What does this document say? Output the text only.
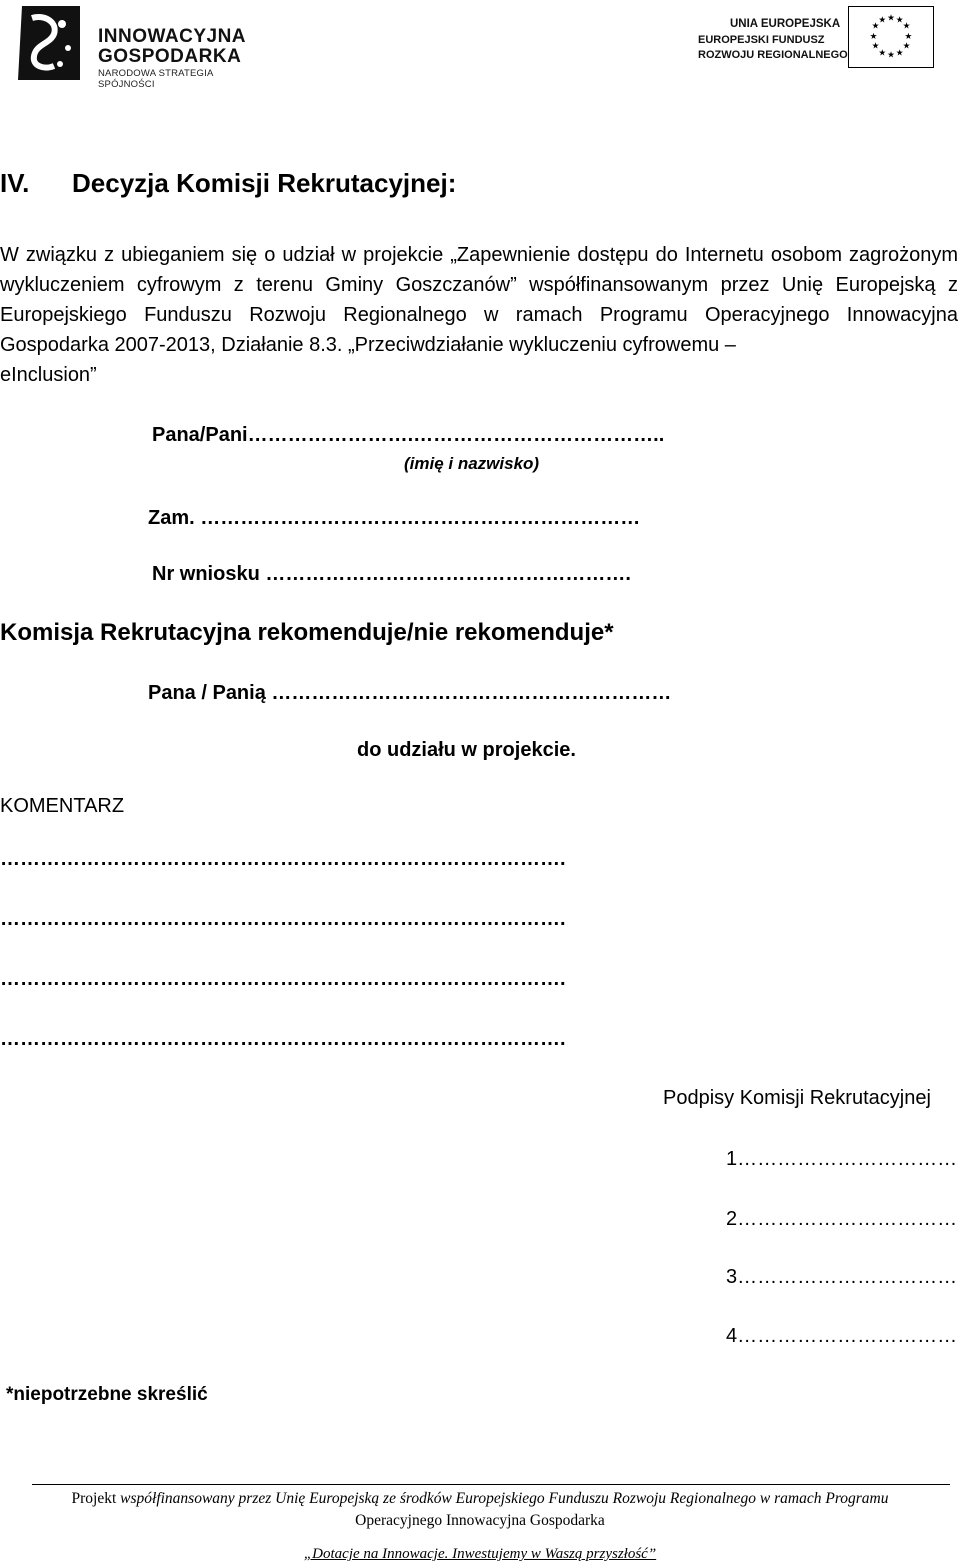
INNOWACYJNA
GOSPODARKA
NARODOWA STRATEGIA SPÓJNOŚCI
UNIA EUROPEJSKA
EUROPEJSKI FUNDUSZ
ROZWOJU REGIONALNEGO
★ ★
★
★
★
★
★
★
★
★
★
★
IV. Decyzja Komisji Rekrutacyjnej:
W związku z ubieganiem się o udział w projekcie „Zapewnienie dostępu do Internetu osobom zagrożonym wykluczeniem cyfrowym z terenu Gminy Goszczanów” współfinansowanym przez Unię Europejską z Europejskiego Funduszu Rozwoju Regionalnego w ramach Programu Operacyjnego Innowacyjna Gospodarka 2007-2013, Działanie 8.3. „Przeciwdziałanie wykluczeniu cyfrowemu –
eInclusion”
Pana/Pani…………………….………………………………..
(imię i nazwisko)
Zam. …………………………………………………………
Nr wniosku ……………………………………………….
Komisja Rekrutacyjna rekomenduje/nie rekomenduje*
Pana / Panią ……………………………………………………
do udziału w projekcie.
KOMENTARZ
………………………………………………………………………….
………………………………………………………………………….
………………………………………………………………………….
………………………………………………………………………….
Podpisy Komisji Rekrutacyjnej
1……………………………
2……………………………
3……………………………
4……………………………
*niepotrzebne skreślić
Projekt współfinansowany przez Unię Europejską ze środków Europejskiego Funduszu Rozwoju Regionalnego w ramach Programu
Operacyjnego Innowacyjna Gospodarka
„Dotacje na Innowacje. Inwestujemy w Waszą przyszłość”
